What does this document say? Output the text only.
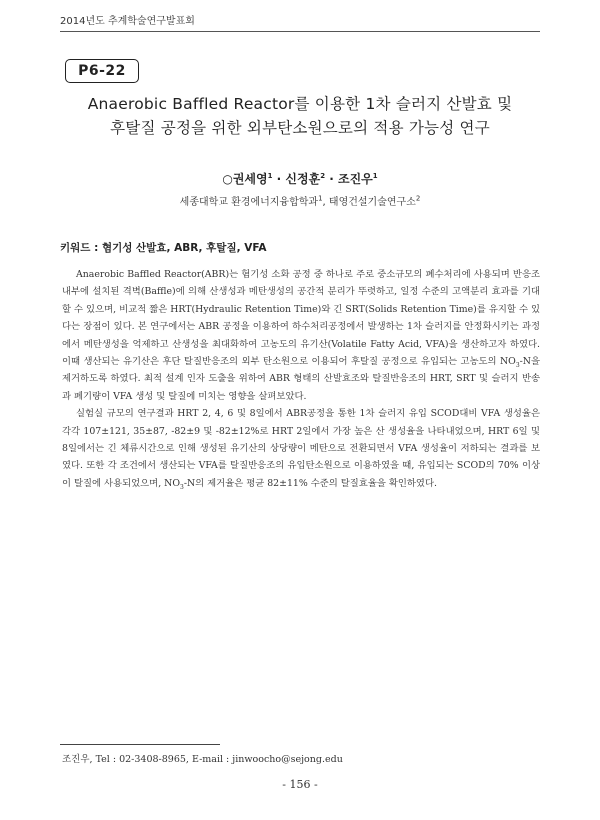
2014년도 추계학술연구발표회
P6-22
Anaerobic Baffled Reactor를 이용한 1차 슬러지 산발효 및
후탈질 공정을 위한 외부탄소원으로의 적용 가능성 연구
○권세영$^1$ · 신정훈$^2$ · 조진우$^1$
세종대학교 환경에너지융합학과$^1$, 태영건설기술연구소$^2$
키워드 : 혐기성 산발효, ABR, 후탈질, VFA

Anaerobic Baffled Reactor(ABR)는 혐기성 소화 공정 중 하나로 주로 중소규모의 폐수처리에 사용되며 반응조 내부에 설치된 격벽(Baffle)에 의해 산생성과 메탄생성의 공간적 분리가 뚜렷하고, 일정 수준의 고액분리 효과를 기대할 수 있으며, 비교적 짧은 HRT(Hydraulic Retention Time)와 긴 SRT(Solids Retention Time)를 유지할 수 있다는 장점이 있다. 본 연구에서는 ABR 공정을 이용하여 하수처리공정에서 발생하는 1차 슬러지를 안정화시키는 과정에서 메탄생성을 억제하고 산생성을 최대화하여 고농도의 유기산(Volatile Fatty Acid, VFA)을 생산하고자 하였다. 이때 생산되는 유기산은 후단 탈질반응조의 외부 탄소원으로 이용되어 후탈질 공정으로 유입되는 고농도의 $NO_3-N$을 제거하도록 하였다. 최적 설계 인자 도출을 위하여 ABR 형태의 산발효조와 탈질반응조의 HRT, SRT 및 슬러지 반송과 폐기량이 VFA 생성 및 탈질에 미치는 영향을 살펴보았다.

실험실 규모의 연구결과 HRT 2, 4, 6 및 8일에서 ABR공정을 통한 1차 슬러지 유입 SCOD대비 VFA 생성율은 각각 107±121, 35±87, -82±9 및 -82±12%로 HRT 2일에서 가장 높은 산 생성율을 나타내었으며, HRT 6일 및 8일에서는 긴 체류시간으로 인해 생성된 유기산의 상당량이 메탄으로 전환되면서 VFA 생성율이 저하되는 결과를 보였다. 또한 각 조건에서 생산되는 VFA를 탈질반응조의 유입탄소원으로 이용하였을 때, 유입되는 SCOD의 70% 이상이 탈질에 사용되었으며, $NO_3-N$의 제거율은 평균 82±11% 수준의 탈질효율을 확인하였다.

조진우, Tel : 02-3408-8965, E-mail : jinwoocho@sejong.edu
- 156 -
